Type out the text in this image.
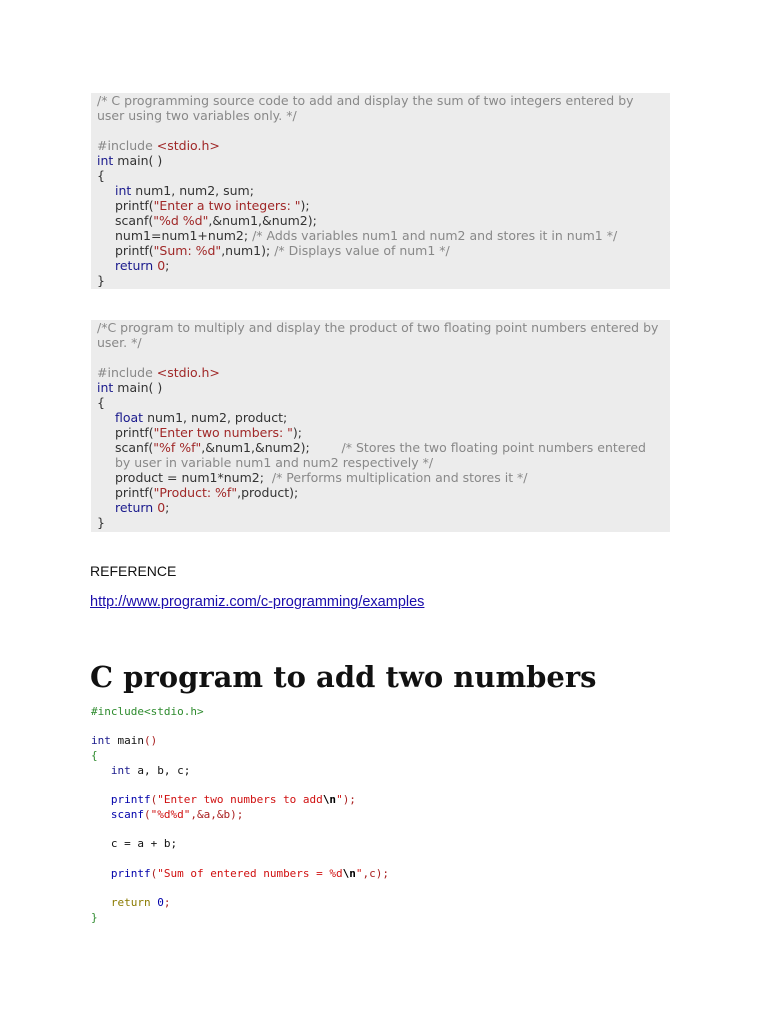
/* C programming source code to add and display the sum of two integers entered by user using two variables only. */
#include <stdio.h>
int main( )
{
int num1, num2, sum;
printf("Enter a two integers: ");
scanf("%d %d",&num1,&num2);
num1=num1+num2; /* Adds variables num1 and num2 and stores it in num1 */
printf("Sum: %d",num1); /* Displays value of num1 */
return 0;
}
/*C program to multiply and display the product of two floating point numbers entered by user. */
#include <stdio.h>
int main( )
{
float num1, num2, product;
printf("Enter two numbers: ");
scanf("%f %f",&num1,&num2);        /* Stores the two floating point numbers entered by user in variable num1 and num2 respectively */
product = num1*num2;  /* Performs multiplication and stores it */
printf("Product: %f",product);
return 0;
}
REFERENCE
http://www.programiz.com/c-programming/examples
C program to add two numbers
#include<stdio.h>
int main()
{
int a, b, c;
printf("Enter two numbers to add\n");
scanf("%d%d",&a,&b);
c = a + b;
printf("Sum of entered numbers = %d\n",c);
return 0;
}
